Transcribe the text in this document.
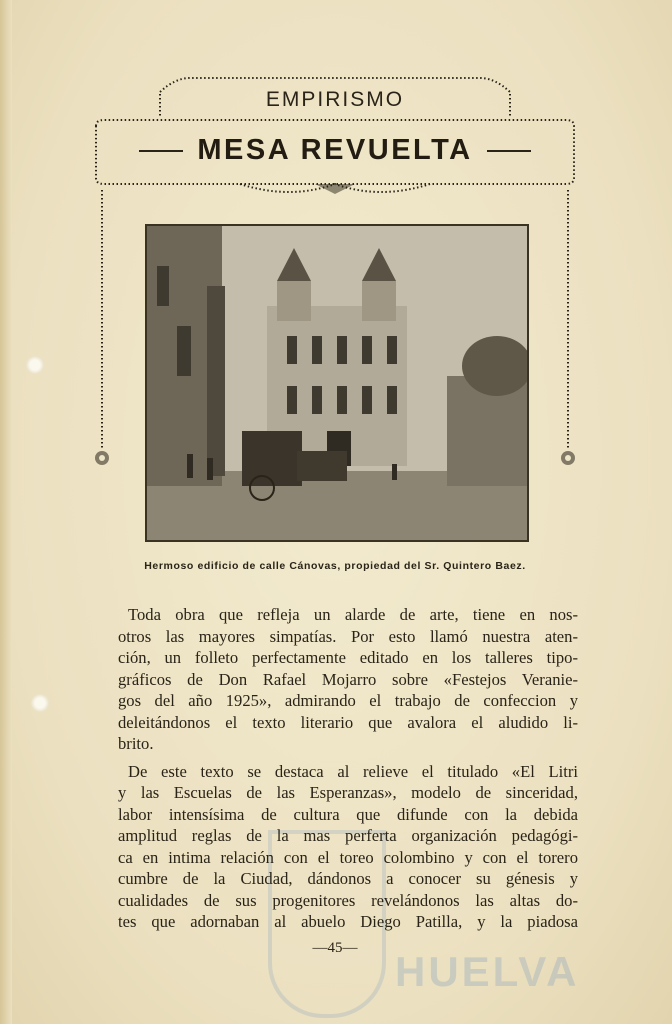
HUELVA
EMPIRISMO
MESA REVUELTA
Hermoso edificio de calle Cánovas, propiedad del Sr. Quintero Baez.
Toda obra que refleja un alarde de arte, tiene en nos-
otros las mayores simpatías. Por esto llamó nuestra aten-
ción, un folleto perfectamente editado en los talleres tipo-
gráficos de Don Rafael Mojarro sobre «Festejos Veranie-
gos del año 1925», admirando el trabajo de confeccion y
deleitándonos el texto literario que avalora el aludido li-
brito.
De este texto se destaca al relieve el titulado «El Litri
y las Escuelas de las Esperanzas», modelo de sinceridad,
labor intensísima de cultura que difunde con la debida
amplitud reglas de la mas perferta organización pedagógi-
ca en intima relación con el toreo colombino y con el torero
cumbre de la Ciudad, dándonos a conocer su génesis y
cualidades de sus progenitores revelándonos las altas do-
tes que adornaban al abuelo Diego Patilla, y la piadosa
—45—
